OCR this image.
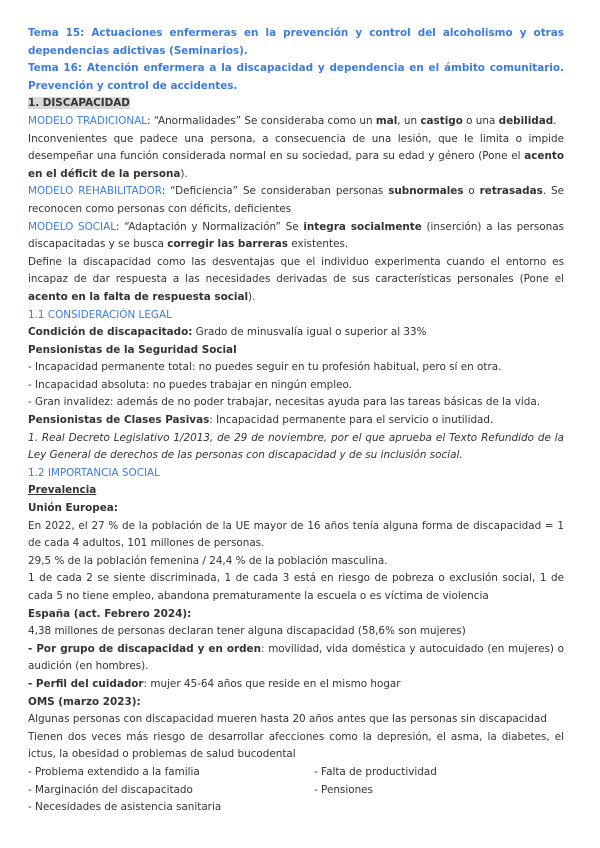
Tema 15: Actuaciones enfermeras en la prevención y control del alcoholismo y otras dependencias adictivas (Seminarios).

Tema 16: Atención enfermera a la discapacidad y dependencia en el ámbito comunitario. Prevención y control de accidentes.

1. DISCAPACIDAD

MODELO TRADICIONAL: “Anormalidades” Se consideraba como un mal, un castigo o una debilidad.

Inconvenientes que padece una persona, a consecuencia de una lesión, que le limita o impide desempeñar una función considerada normal en su sociedad, para su edad y género (Pone el acento en el déficit de la persona).

MODELO REHABILITADOR: “Deficiencia” Se consideraban personas subnormales o retrasadas. Se reconocen como personas con déficits, deficientes

MODELO SOCIAL: “Adaptación y Normalización” Se integra socialmente (inserción) a las personas discapacitadas y se busca corregir las barreras existentes.

Define la discapacidad como las desventajas que el individuo experimenta cuando el entorno es incapaz de dar respuesta a las necesidades derivadas de sus características personales (Pone el acento en la falta de respuesta social).

1.1 CONSIDERACIÓN LEGAL

Condición de discapacitado: Grado de minusvalía igual o superior al 33%

Pensionistas de la Seguridad Social

- Incapacidad permanente total: no puedes seguir en tu profesión habitual, pero sí en otra.

- Incapacidad absoluta: no puedes trabajar en ningún empleo.

- Gran invalidez: además de no poder trabajar, necesitas ayuda para las tareas básicas de la vida.

Pensionistas de Clases Pasivas: Incapacidad permanente para el servicio o inutilidad.

1. Real Decreto Legislativo 1/2013, de 29 de noviembre, por el que aprueba el Texto Refundido de la Ley General de derechos de las personas con discapacidad y de su inclusión social.

1.2 IMPORTANCIA SOCIAL

Prevalencia

Unión Europea:

En 2022, el 27 % de la población de la UE mayor de 16 años tenía alguna forma de discapacidad = 1 de cada 4 adultos, 101 millones de personas.

29,5 % de la población femenina / 24,4 % de la población masculina.

1 de cada 2 se siente discriminada, 1 de cada 3 está en riesgo de pobreza o exclusión social, 1 de cada 5 no tiene empleo, abandona prematuramente la escuela o es víctima de violencia

España (act. Febrero 2024):

4,38 millones de personas declaran tener alguna discapacidad (58,6% son mujeres)

- Por grupo de discapacidad y en orden: movilidad, vida doméstica y autocuidado (en mujeres) o audición (en hombres).

- Perfil del cuidador: mujer 45-64 años que reside en el mismo hogar

OMS (marzo 2023):

Algunas personas con discapacidad mueren hasta 20 años antes que las personas sin discapacidad

Tienen dos veces más riesgo de desarrollar afecciones como la depresión, el asma, la diabetes, el ictus, la obesidad o problemas de salud bucodental

- Problema extendido a la familia

- Marginación del discapacitado

- Necesidades de asistencia sanitaria

- Falta de productividad

- Pensiones
